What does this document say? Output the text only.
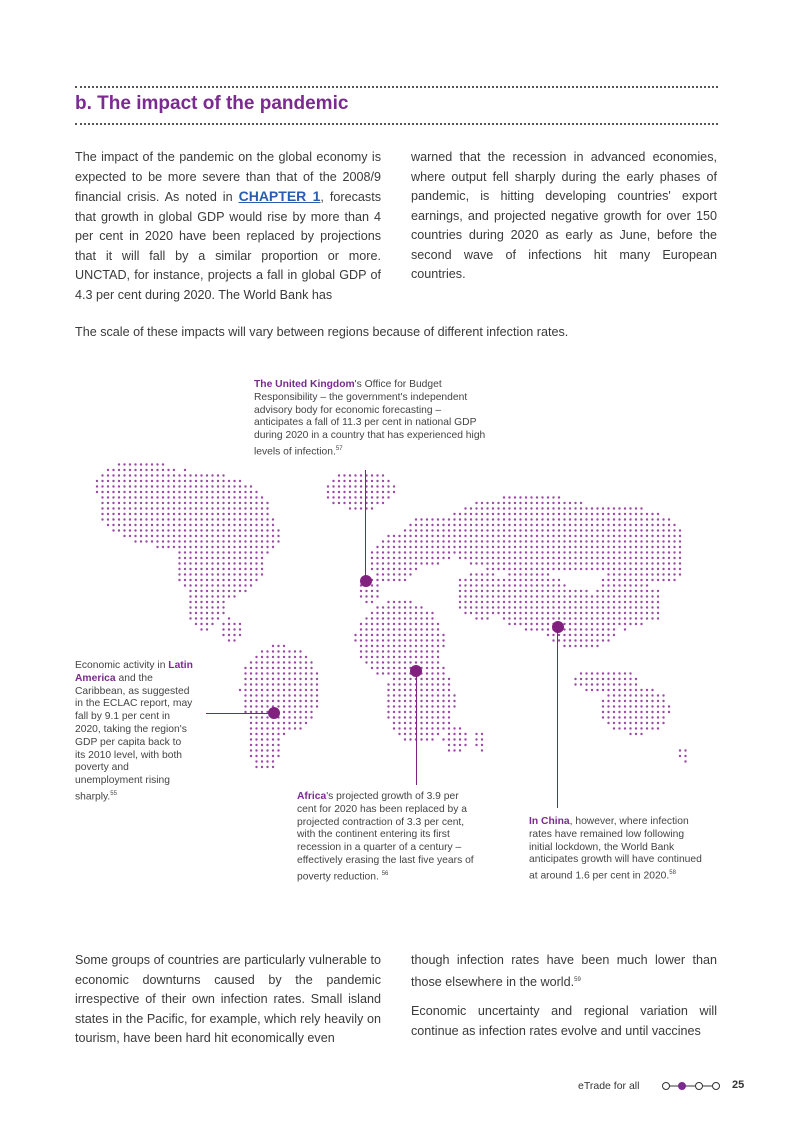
b. The impact of the pandemic

The impact of the pandemic on the global economy is expected to be more severe than that of the 2008/9 financial crisis. As noted in CHAPTER 1, forecasts that growth in global GDP would rise by more than 4 per cent in 2020 have been replaced by projections that it will fall by a similar proportion or more. UNCTAD, for instance, projects a fall in global GDP of 4.3 per cent during 2020. The World Bank has

warned that the recession in advanced economies, where output fell sharply during the early phases of pandemic, is hitting developing countries' export earnings, and projected negative growth for over 150 countries during 2020 as early as June, before the second wave of infections hit many European countries.

The scale of these impacts will vary between regions because of different infection rates.
The United Kingdom's Office for Budget Responsibility – the government's independent advisory body for economic forecasting – anticipates a fall of 11.3 per cent in national GDP during 2020 in a country that has experienced high levels of infection.$^{57}$
Economic activity in Latin America and the Caribbean, as suggested in the ECLAC report, may fall by 9.1 per cent in 2020, taking the region's GDP per capita back to its 2010 level, with both poverty and unemployment rising sharply.$^{55}$	Africa's projected growth of 3.9 per cent for 2020 has been replaced by a projected contraction of 3.3 per cent, with the continent entering its first recession in a quarter of a century – effectively erasing the last five years of poverty reduction. $^{56}$
In China, however, where infection rates have remained low following initial lockdown, the World Bank anticipates growth will have continued at around 1.6 per cent in 2020.58

Some groups of countries are particularly vulnerable to economic downturns caused by the pandemic irrespective of their own infection rates. Small island states in the Pacific, for example, which rely heavily on tourism, have been hard hit economically even

though infection rates have been much lower than those elsewhere in the world.$^{59}$

Economic uncertainty and regional variation will continue as infection rates evolve and until vaccines

eTrade for all	25
